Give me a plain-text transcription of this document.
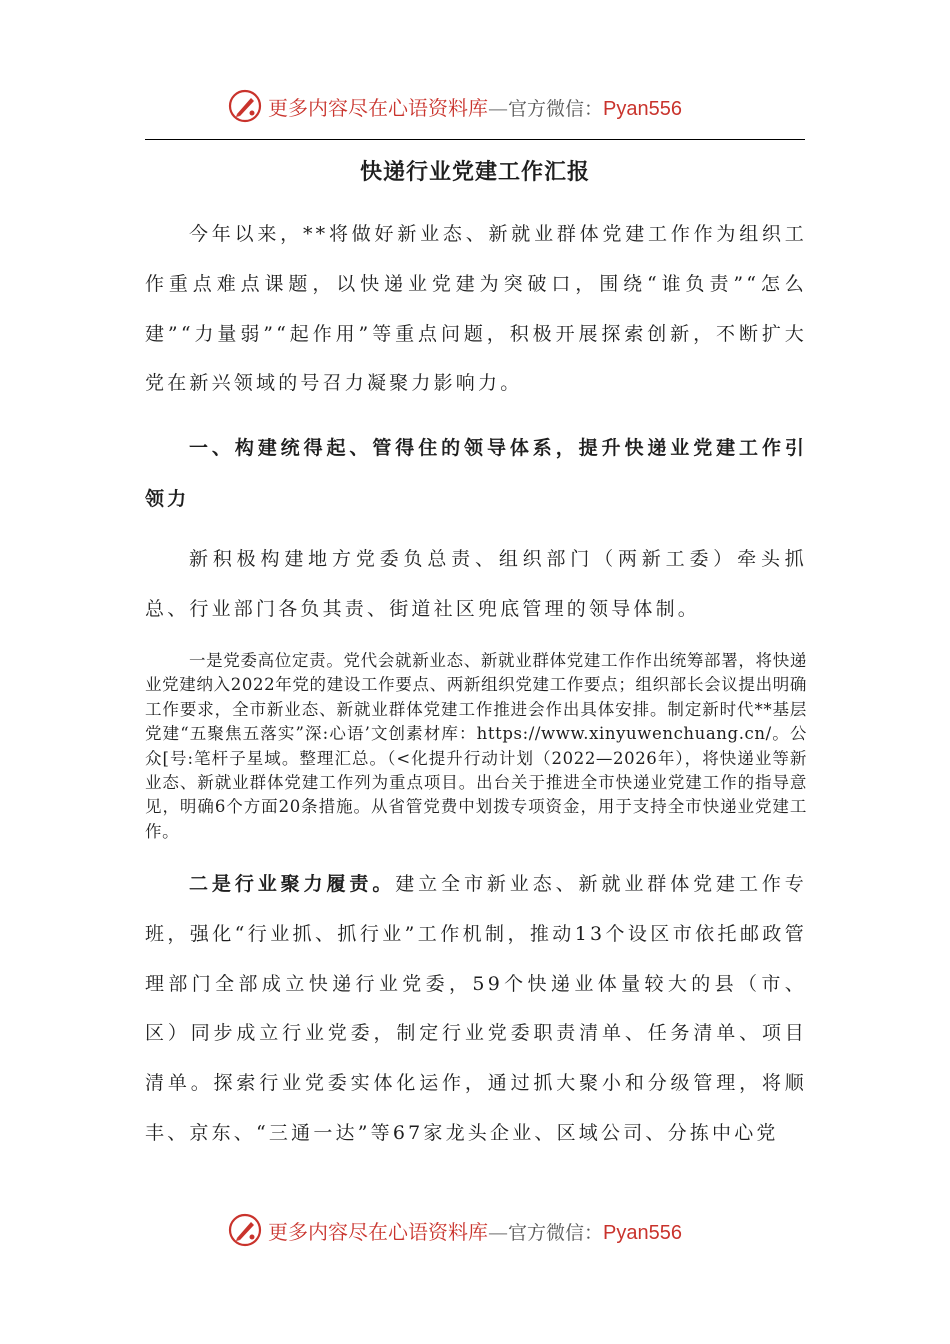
更多内容尽在心语资料库—官方微信：Pyan556
快递行业党建工作汇报

今年以来，**将做好新业态、新就业群体党建工作作为组织工作重点难点课题，以快递业党建为突破口，围绕“谁负责”“怎么建”“力量弱”“起作用”等重点问题，积极开展探索创新，不断扩大党在新兴领域的号召力凝聚力影响力。

一、构建统得起、管得住的领导体系，提升快递业党建工作引领力

新积极构建地方党委负总责、组织部门（两新工委）牵头抓总、行业部门各负其责、街道社区兜底管理的领导体制。

一是党委高位定责。党代会就新业态、新就业群体党建工作作出统筹部署，将快递业党建纳入2022年党的建设工作要点、两新组织党建工作要点；组织部长会议提出明确工作要求，全市新业态、新就业群体党建工作推进会作出具体安排。制定新时代**基层党建“五聚焦五落实”深:心语’文创素材库：https://www.xinyuwenchuang.cn/。公众[号:笔杆子星域。整理汇总。（<化提升行动计划（2022—2026年），将快递业等新业态、新就业群体党建工作列为重点项目。出台关于推进全市快递业党建工作的指导意见，明确6个方面20条措施。从省管党费中划拨专项资金，用于支持全市快递业党建工作。

二是行业聚力履责。建立全市新业态、新就业群体党建工作专班，强化“行业抓、抓行业”工作机制，推动13个设区市依托邮政管理部门全部成立快递行业党委，59个快递业体量较大的县（市、区）同步成立行业党委，制定行业党委职责清单、任务清单、项目清单。探索行业党委实体化运作，通过抓大聚小和分级管理，将顺丰、京东、“三通一达”等67家龙头企业、区域公司、分拣中心党

更多内容尽在心语资料库—官方微信：Pyan556
